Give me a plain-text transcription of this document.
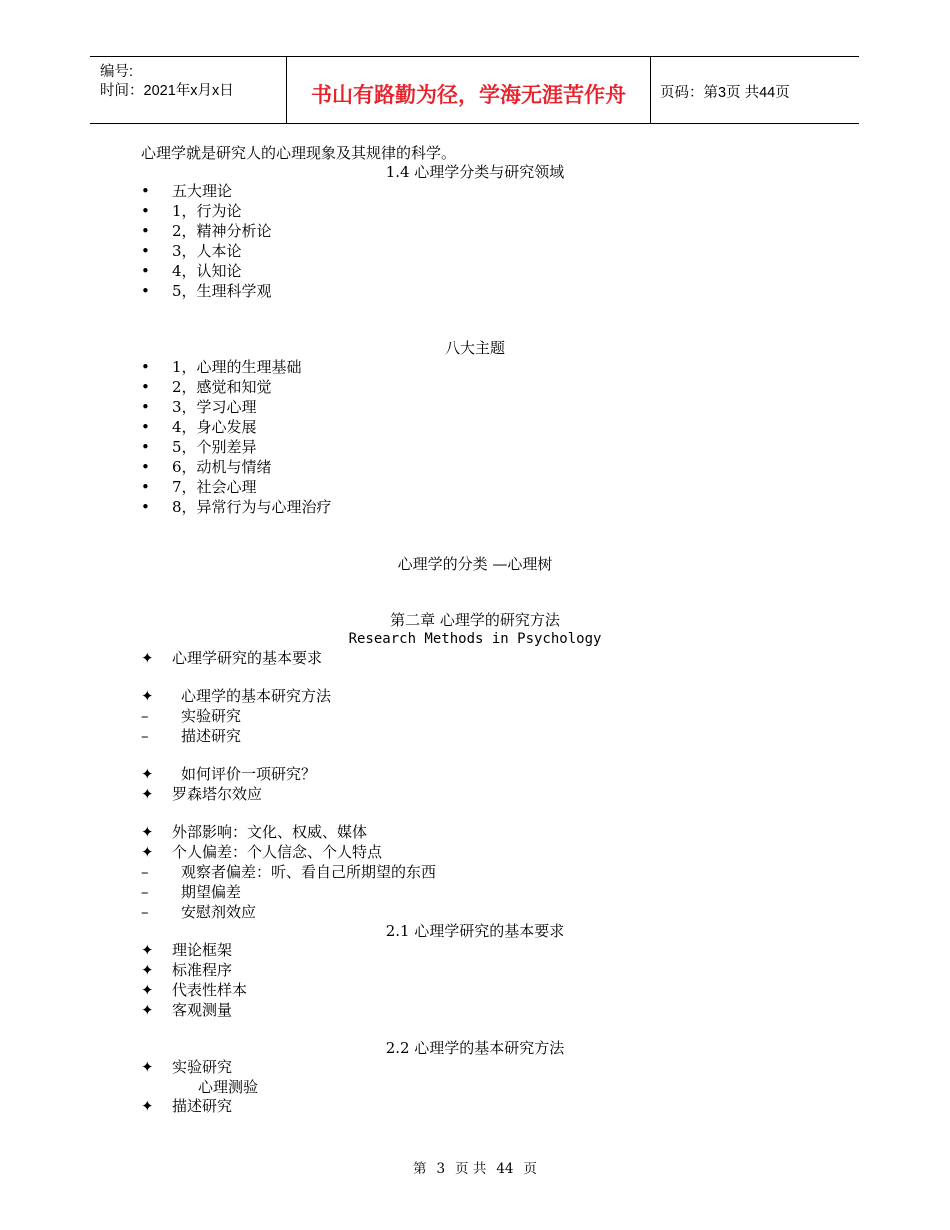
编号:
时间：2021年x月x日	书山有路勤为径，学海无涯苦作舟	页码：第3页 共44页
心理学就是研究人的心理现象及其规律的科学。
1.4 心理学分类与研究领域
• 五大理论
• 1，行为论
• 2，精神分析论
• 3，人本论
• 4，认知论
• 5，生理科学观
八大主题
• 1，心理的生理基础
• 2，感觉和知觉
• 3，学习心理
• 4，身心发展
• 5，个别差异
• 6，动机与情绪
• 7，社会心理
• 8，异常行为与心理治疗
心理学的分类 —心理树
第二章 心理学的研究方法
Research Methods in Psychology
✦ 心理学研究的基本要求
✦ 心理学的基本研究方法
– 实验研究
– 描述研究
✦ 如何评价一项研究？
✦ 罗森塔尔效应
✦ 外部影响：文化、权威、媒体
✦ 个人偏差：个人信念、个人特点
– 观察者偏差：听、看自己所期望的东西
– 期望偏差
– 安慰剂效应
2.1 心理学研究的基本要求
✦ 理论框架
✦ 标准程序
✦ 代表性样本
✦ 客观测量
2.2 心理学的基本研究方法
✦ 实验研究
心理测验
✦ 描述研究
第 3 页 共 44 页
